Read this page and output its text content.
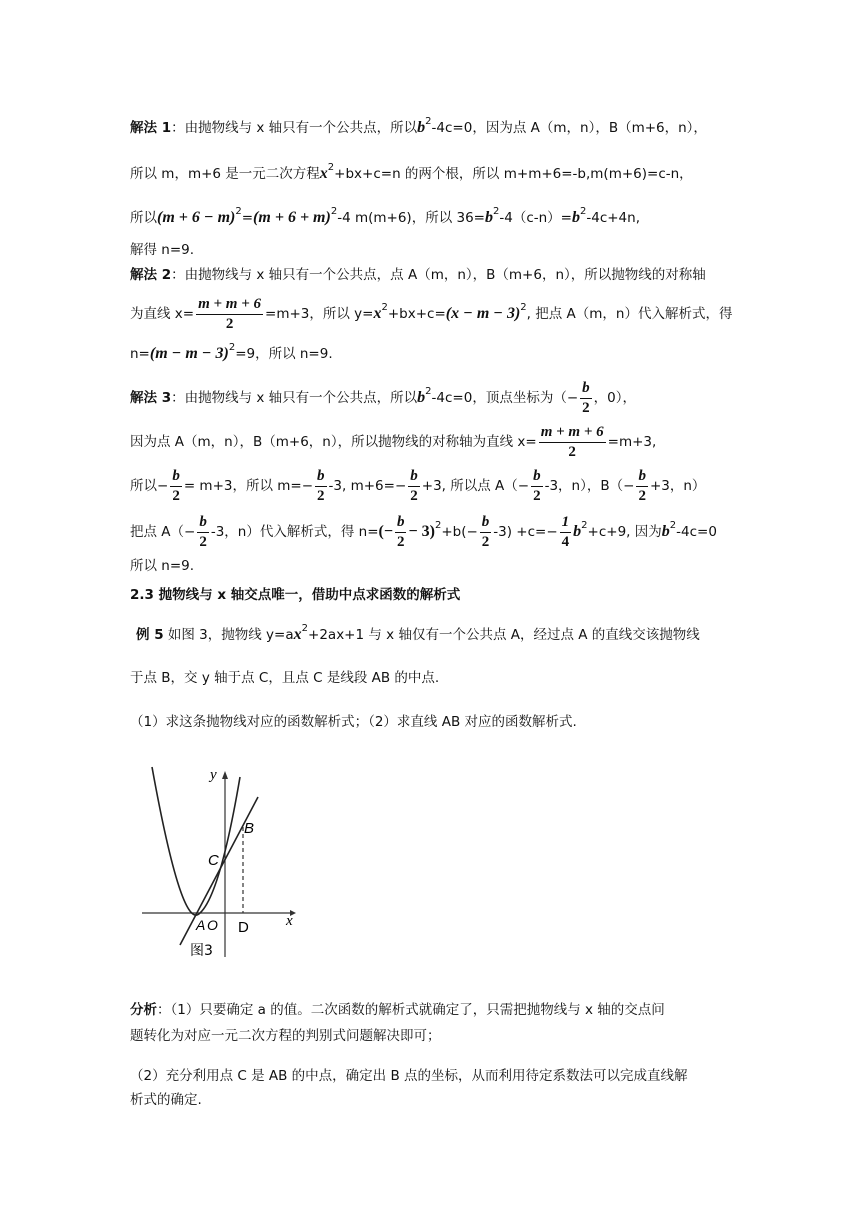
解法 1：由抛物线与 x 轴只有一个公共点，所以$b^2-4c=0$，因为点 A（m，n），B（m+6，n），
所以 m，m+6 是一元二次方程$x^2+bx+c=n$ 的两个根，所以 m+m+6=-b,m(m+6)=c-n，
所以$(m + 6 - m)^2=(m + 6 + m)^2-4$ m(m+6)，所以 $36=b^2-4(c-n)=b^2-4c+4n$,
解得 n=9.
解法 2：由抛物线与 x 轴只有一个公共点，点 A（m，n），B（m+6，n），所以抛物线的对称轴
为直线 $x= \frac{m + m + 6}{2} =m+3$，所以 $y=x^2+bx+c=(x - m - 3)^2$, 把点 A（m，n）代入解析式，得
$n=(m - m - 3)^2=9$，所以 n=9.
解法 3：由抛物线与 x 轴只有一个公共点，所以$b^2-4c=0$，顶点坐标为（− $\frac{b}{2}$ ，0），
因为点 A（m，n），B（m+6，n），所以抛物线的对称轴为直线 $x= \frac{m + m + 6}{2} =m+3$,
所以− $\frac{b}{2} = m+3$，所以 $m=- \frac{b}{2} -3$, $m+6=- \frac{b}{2} +3$, 所以点 $A(- \frac{b}{2} -3$，n），$B(- \frac{b}{2} +3$，n）
把点 $A(- \frac{b}{2} -3$，n）代入解析式，得 $n=(- \frac{b}{2} - 3)^2+b(- \frac{b}{2} -3) +c=- \frac{1}{4} b^2+c+9$, 因为$b^2-4c=0$
所以 n=9.
2.3 抛物线与 x 轴交点唯一，借助中点求函数的解析式
例 5 如图 3，抛物线 $y=ax^2+2ax+1$ 与 x 轴仅有一个公共点 A，经过点 A 的直线交该抛物线
于点 B，交 y 轴于点 C，且点 C 是线段 AB 的中点.
（1）求这条抛物线对应的函数解析式；（2）求直线 AB 对应的函数解析式.
y
x
B
C
A O D
图3
分析：（1）只要确定 a 的值。二次函数的解析式就确定了，只需把抛物线与 x 轴的交点问
题转化为对应一元二次方程的判别式问题解决即可；
（2）充分利用点 C 是 AB 的中点，确定出 B 点的坐标，从而利用待定系数法可以完成直线解
析式的确定.
